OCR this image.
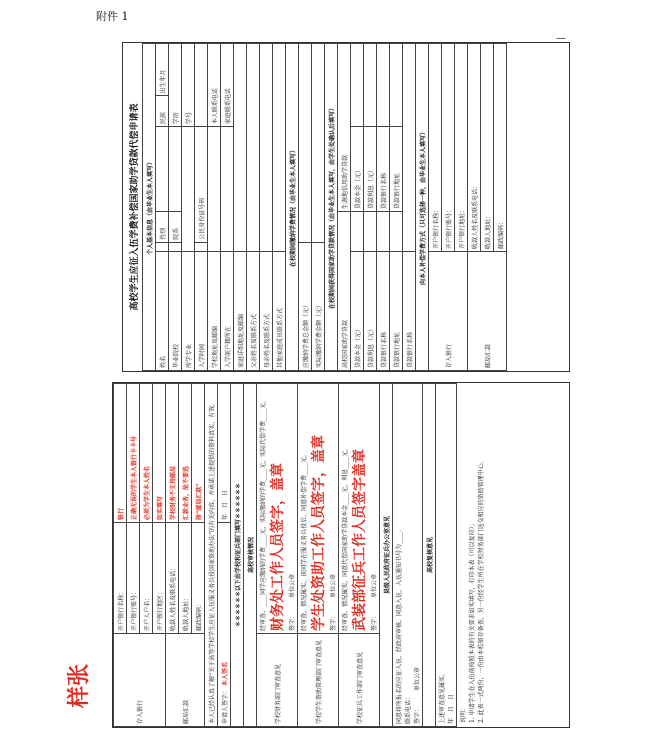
附件 1
—
样张
高校学生应征入伍学费补偿国家助学贷款代偿申请表	个人基本信息（由毕业生本人填写）					
姓名		性别		民族	出生年月
毕业院校		院系		学历	
所学专业				学号	
入学时间		公民身份证号码			
学校地址及邮编				本人联系电话	
入学前户籍所在				家庭联系电话	
家庭详细地址及邮编					
父亲姓名及联系方式					
母亲姓名及联系方式					
其他家庭成员联系方式					
在校期间缴纳学费情况（由毕业生本人填写）					
应缴纳学费总金额（元）					
实际缴纳学费金额（元）					
在校期间获得国家助学贷款情况（由毕业生本人填写，由学生处确认后填写）					
高校国家助学贷款			生源地信用助学贷款		
贷款本金（元）			贷款本金（元）		
贷款利息（元）			贷款利息（元）		
贷款银行名称			贷款银行名称		
贷款银行地址			贷款银行地址		
贷款银行名称					
向本人补偿学费方式（只可选择一种，由毕业生本人填写）					
存入银行	开户银行名称：				
	开户银行账号：				
	开户银行地址：				
邮局汇款	收款人姓名及联系电话：				
	收款人地址：				
	邮政编码：				
存入银行	开户银行名称：	银行
	开户银行账号：	正确无误的学生本人银行卡卡号
	开户人户名：	必须为学生本人姓名
	开户银行地区：	如实填写
邮局汇款	收款人姓名及联系电话：	学校财务不支持邮局
	收款人地址：	汇款业务，故不要选
	邮政编码：	择“邮局汇款”
本人已经认真了解“关于高等学校学生应征入伍服义务兵役国家资助办法”的有关内容，并承诺上述提供的资料真实、有效。		
申请人签字： 本人签名		年　月　日
＊＊＊＊＊＊以下由学校和征兵部门填写＊＊＊＊＊＊		
高校审核情况		
学校财务部门审查意见	经审查，____同学应缴纳的学费____元，实际缴纳的学费____元，实际代偿学费____元。 财务处工作人员签字，盖章 签字：　　　单位公章	

学校学生资助管理部门审查意见	经审查，情况属实，该同学在服义务兵役后，同意补偿学费____元。 学生处资助工作人员签字，盖章 签字：　　　单位公章	

学校征兵工作部门审查意见	经审查，情况属实，同意代偿国家助学贷款本金____元、利息____元。 武装部征兵工作人员签字盖章 签字：　　　单位公章	

县级人民政府征兵办公室意见		

同意将所报名的应征入伍，经政府审核，同意入伍，入伍通知书号为____。 联系电话： 签字：　　　单位公章		

高校复核意见		

上述审查意见属实。 年　月　日		说明： 1. 申请学生在入伍前按照本表的有关要求如实填写，打印本表（可以复印）； 2. 此表一式两份，一份由本校留存备查，另一份经学生所在学校财务部门送交相应的资助管理中心。
